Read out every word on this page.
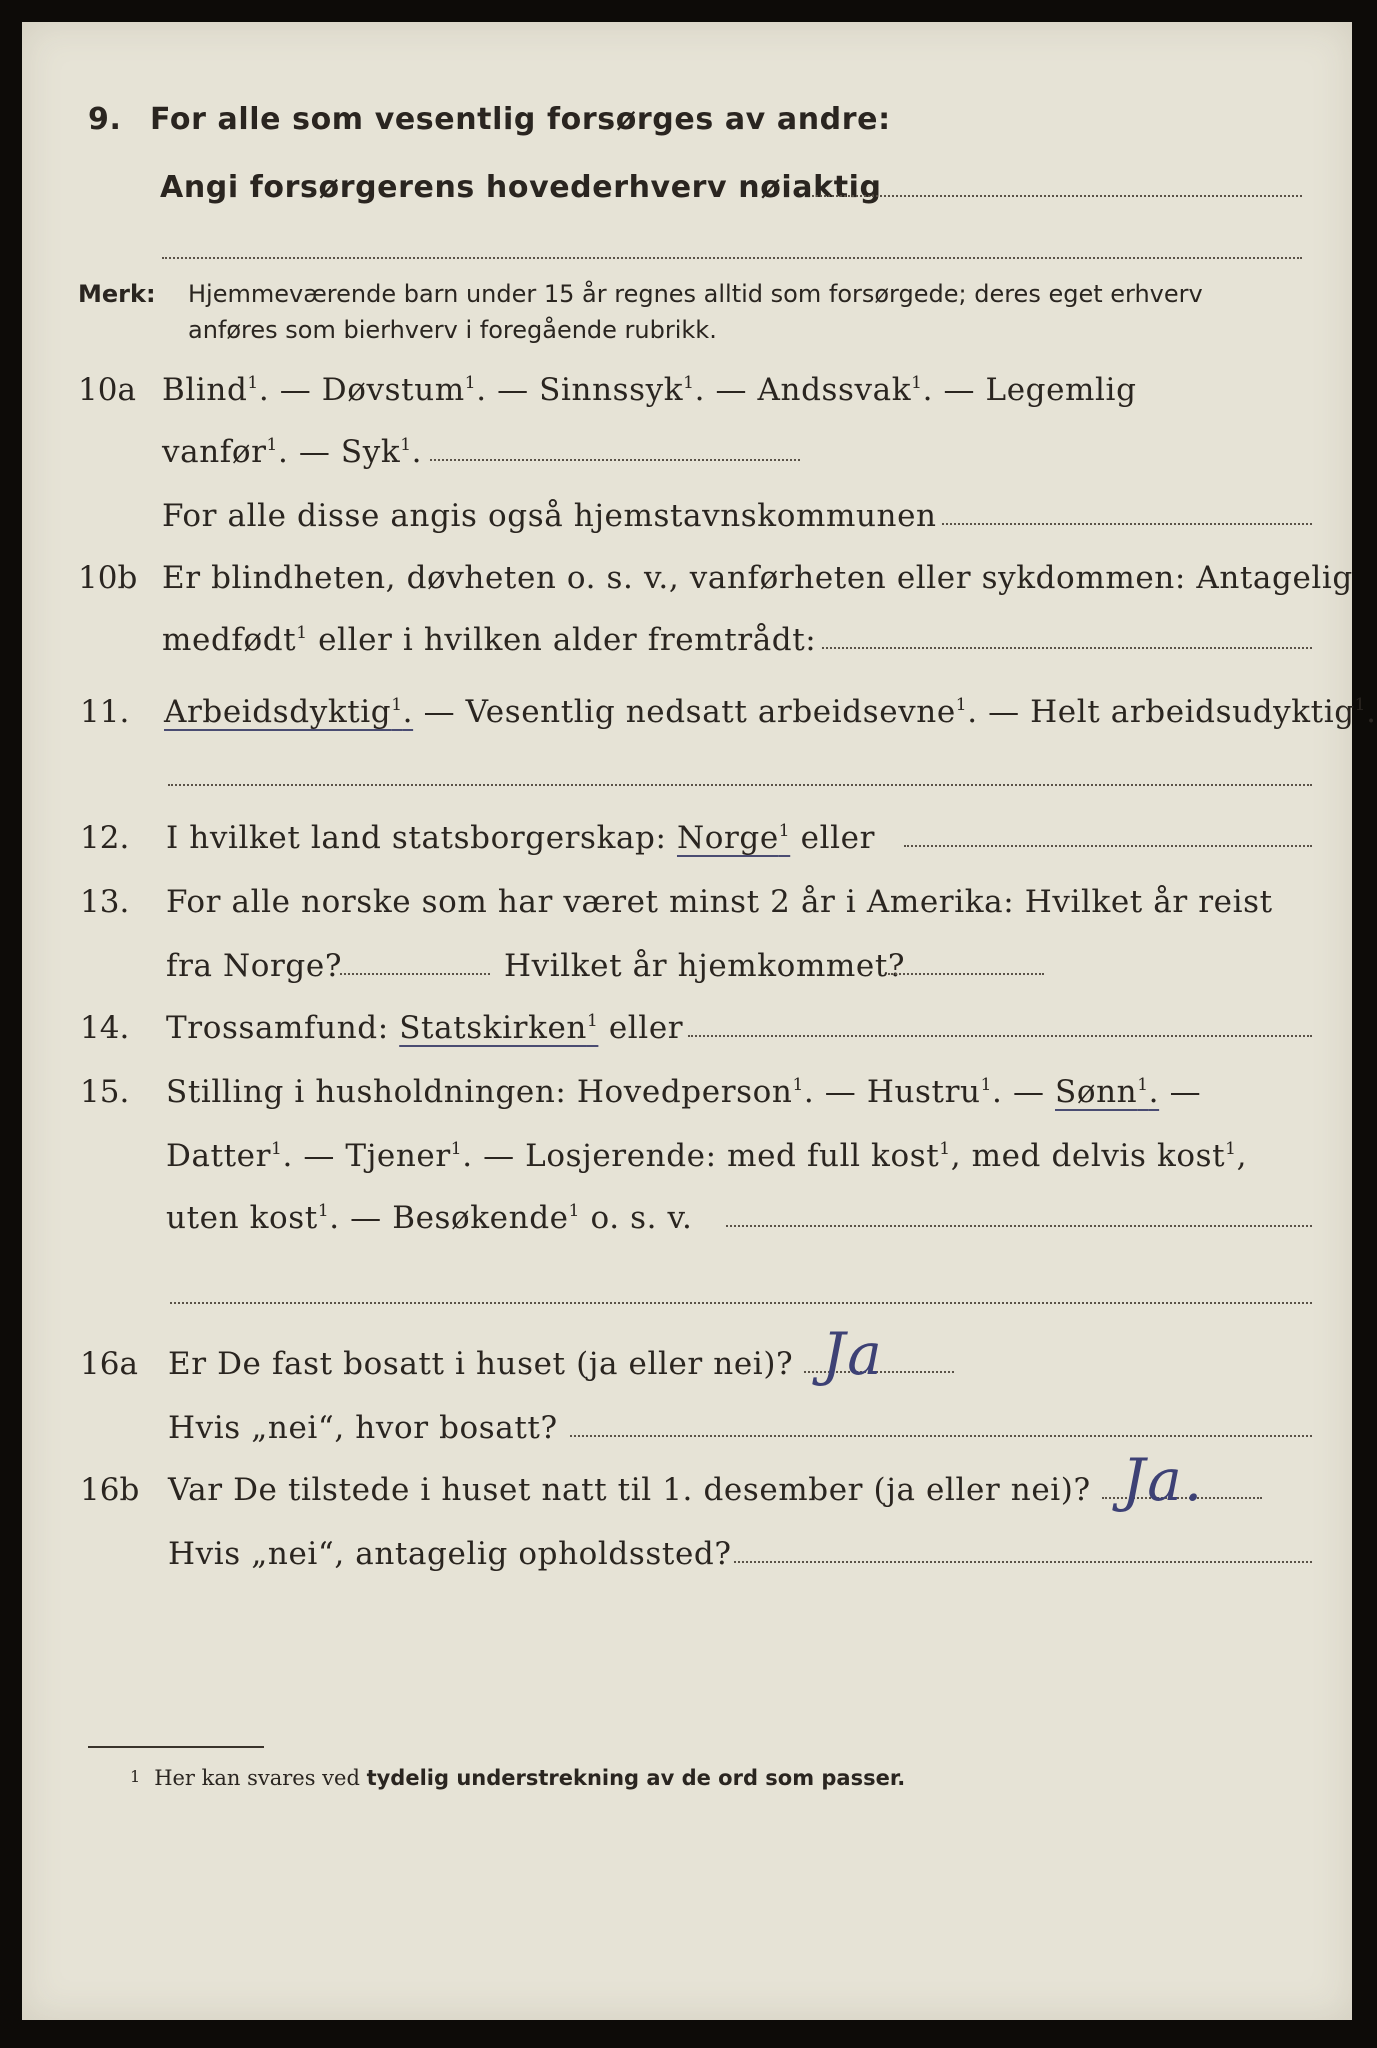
9. For alle som vesentlig forsørges av andre:
Angi forsørgerens hovederhverv nøiaktig
Merk: Hjemmeværende barn under 15 år regnes alltid som forsørgede; deres eget erhverv
anføres som bierhverv i foregående rubrikk.
10a Blind$^1$. — Døvstum$^1$. — Sinnssyk$^1$. — Andssvak$^1$. — Legemlig
vanfør$^1$. — Syk$^1$.
For alle disse angis også hjemstavnskommunen
10b Er blindheten, døvheten o. s. v., vanførheten eller sykdommen: Antagelig
medfødt$^1$ eller i hvilken alder fremtrådt:
11. Arbeidsdyktig$^1$. — Vesentlig nedsatt arbeidsevne$^1$. — Helt arbeidsudyktig$^1$.
12. I hvilket land statsborgerskap: Norge$^1$ eller
13. For alle norske som har været minst 2 år i Amerika: Hvilket år reist
fra Norge?	Hvilket år hjemkommet?
14. Trossamfund: Statskirken$^1$ eller
15. Stilling i husholdningen: Hovedperson$^1$. — Hustru$^1$. — Sønn$^1$. —
Datter$^1$. — Tjener$^1$. — Losjerende: med full kost$^1$, med delvis kost$^1$,
uten kost$^1$. — Besøkende$^1$ o. s. v.
16a Er De fast bosatt i huset (ja eller nei)? Ja
Hvis „nei“, hvor bosatt?
16b Var De tilstede i huset natt til 1. desember (ja eller nei)? Ja.
Hvis „nei“, antagelig opholdssted?
1 Her kan svares ved tydelig understrekning av de ord som passer.
